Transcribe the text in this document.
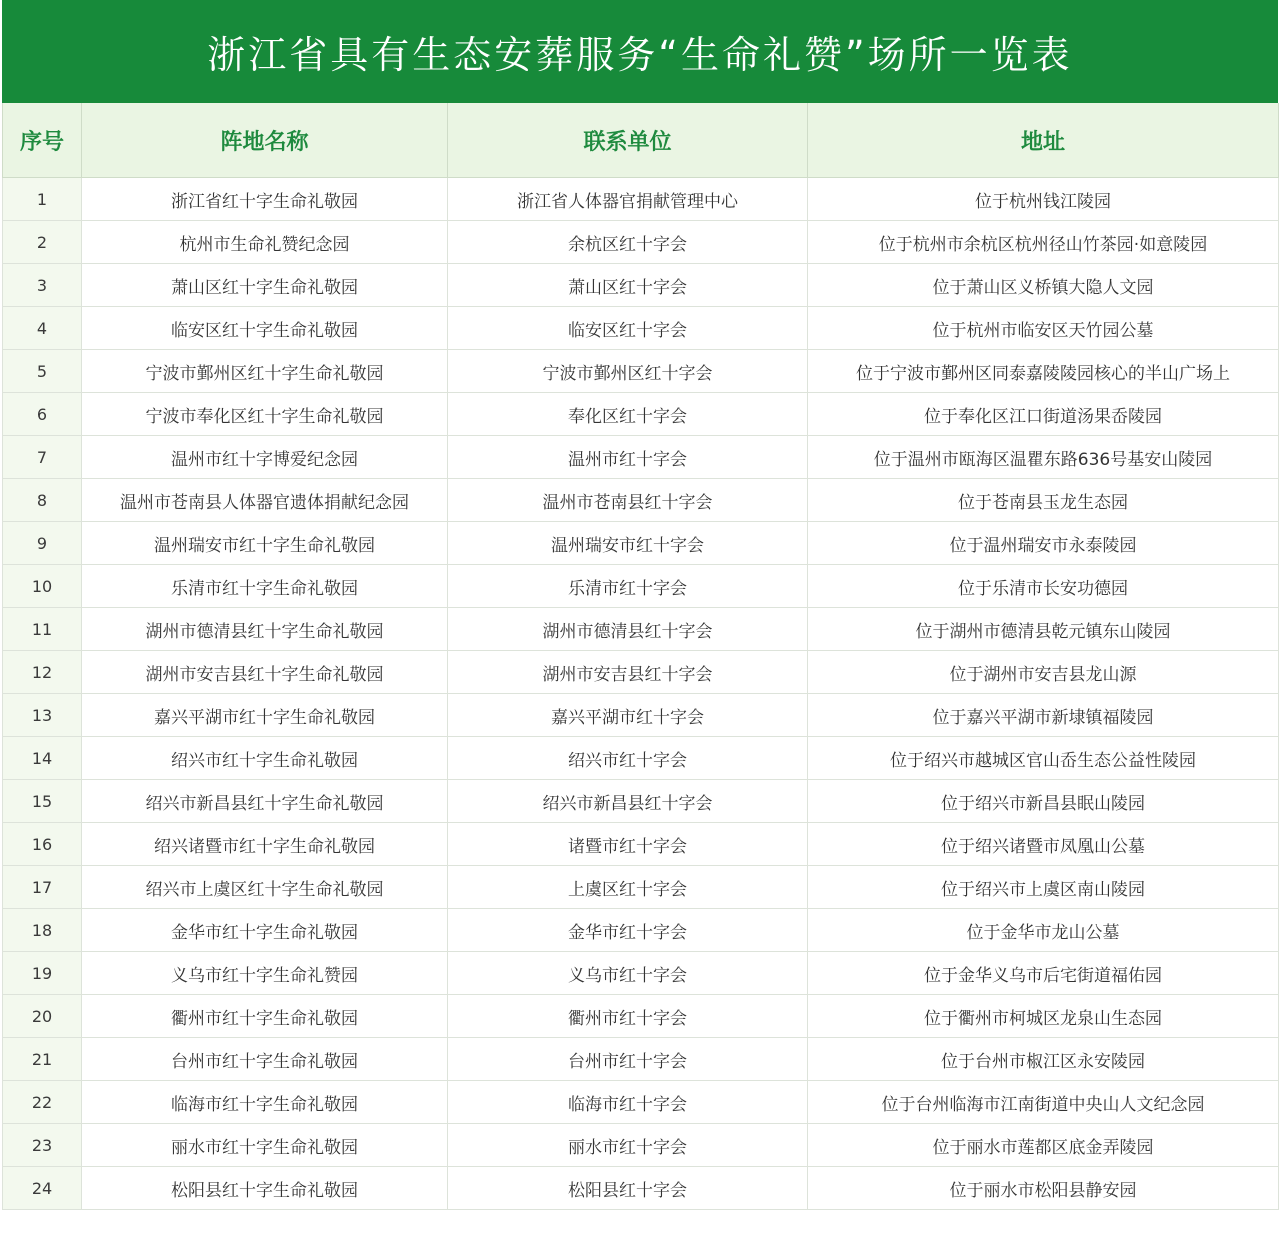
浙江省具有生态安葬服务“生命礼赞”场所一览表
序号	阵地名称	联系单位	地址
1	浙江省红十字生命礼敬园	浙江省人体器官捐献管理中心	位于杭州钱江陵园
2	杭州市生命礼赞纪念园	余杭区红十字会	位于杭州市余杭区杭州径山竹茶园·如意陵园
3	萧山区红十字生命礼敬园	萧山区红十字会	位于萧山区义桥镇大隐人文园
4	临安区红十字生命礼敬园	临安区红十字会	位于杭州市临安区天竹园公墓
5	宁波市鄞州区红十字生命礼敬园	宁波市鄞州区红十字会	位于宁波市鄞州区同泰嘉陵陵园核心的半山广场上
6	宁波市奉化区红十字生命礼敬园	奉化区红十字会	位于奉化区江口街道汤果岙陵园
7	温州市红十字博爱纪念园	温州市红十字会	位于温州市瓯海区温瞿东路636号基安山陵园
8	温州市苍南县人体器官遗体捐献纪念园	温州市苍南县红十字会	位于苍南县玉龙生态园
9	温州瑞安市红十字生命礼敬园	温州瑞安市红十字会	位于温州瑞安市永泰陵园
10	乐清市红十字生命礼敬园	乐清市红十字会	位于乐清市长安功德园
11	湖州市德清县红十字生命礼敬园	湖州市德清县红十字会	位于湖州市德清县乾元镇东山陵园
12	湖州市安吉县红十字生命礼敬园	湖州市安吉县红十字会	位于湖州市安吉县龙山源
13	嘉兴平湖市红十字生命礼敬园	嘉兴平湖市红十字会	位于嘉兴平湖市新埭镇福陵园
14	绍兴市红十字生命礼敬园	绍兴市红十字会	位于绍兴市越城区官山岙生态公益性陵园
15	绍兴市新昌县红十字生命礼敬园	绍兴市新昌县红十字会	位于绍兴市新昌县眠山陵园
16	绍兴诸暨市红十字生命礼敬园	诸暨市红十字会	位于绍兴诸暨市凤凰山公墓
17	绍兴市上虞区红十字生命礼敬园	上虞区红十字会	位于绍兴市上虞区南山陵园
18	金华市红十字生命礼敬园	金华市红十字会	位于金华市龙山公墓
19	义乌市红十字生命礼赞园	义乌市红十字会	位于金华义乌市后宅街道福佑园
20	衢州市红十字生命礼敬园	衢州市红十字会	位于衢州市柯城区龙泉山生态园
21	台州市红十字生命礼敬园	台州市红十字会	位于台州市椒江区永安陵园
22	临海市红十字生命礼敬园	临海市红十字会	位于台州临海市江南街道中央山人文纪念园
23	丽水市红十字生命礼敬园	丽水市红十字会	位于丽水市莲都区底金弄陵园
24	松阳县红十字生命礼敬园	松阳县红十字会	位于丽水市松阳县静安园
